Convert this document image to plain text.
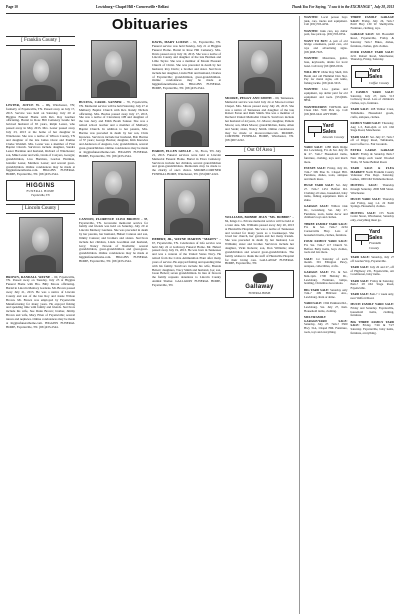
Page 10	Lewisburg • Chapel Hill • Cornersville • Belfast	Thank You For Saying, "I saw it in the EXCHANGE", July 28, 2013
Obituaries
[ Franklin County ]
LESTER, JOYCE W. – 83, Winchester, TN; formerly of Fayetteville, TN. Passed away on July 17, 2013. Service was held on Saturday, July 20 at Higgins Funeral Home with Rev. Ray Gardner officiating. Burial in Rose Hill Cemetery beside her beloved husband of 65 years, Ralph Lester, who passed away in May 2013. Mrs. Lester passed away July 23, 2013 at the home of her daughter in Winchester. She was a native of Wilson County, TN and daughter of the late James Oscar and Pauline Clarke Waddell. Mrs. Lester was a member of First Baptist Church. Survivors include daughter, Sandra Lester Hartman and husband, Richard of Winchester; son, Mike Lester and wife, Linda of Conyers, Georgia; grandchildren, Lisa Hartman, Gordon Hartman, Jennifer Lester, Matthew Lester; and several great-grandchildren. Online condolences may be made at higginsfuneralhome.com. HIGGINS FUNERAL HOME, Fayetteville, TN. (931)433-2544.
HIGGINS
FUNERAL HOME
Fayetteville, TN
[ Lincoln County ]
BROWN, RANDALL WAYNE – 60, Fayetteville, TN. Passed away on Tuesday, July 23 at Higgins Funeral Home with Bro. Billy Moore officiating. Burial in Lincoln Memory Gardens. Mr. Brown passed away July 21, 2013. He was a native of Lincoln County and son of the late Roy and Jessie Wilson Brown. Mr. Brown was employed by Fayetteville Manufacturing for many years. He enjoyed fishing and spending time with family and friends. Survivors include his wife, Sue Dunn Brown; brother, Jimmy Brown and wife, Mary Ellen of Fayetteville; several nieces and nephews. Online condolences may be made at higginsfuneralhome.com. HIGGINS FUNERAL HOME, Fayetteville, TN. (931)433-2544.
BUCINA, CAROL SANNER – 76, Fayetteville, TN. Memorial service will be held Saturday, July 27 at Mulberry Baptist Church with Rev. Randy Nichols officiating. Mrs. Bucina passed away July 17, 2013. She was a native of Cleveland, OH and daughter of the late Jerry and Edith Booth Sanner. She was a retired school teacher and a member of Mulberry Baptist Church. In addition to her parents, Mrs. Bucina was preceded in death by her son, Chris Knowles. Survivors include her husband, Bob Bucina of 37 years; George Bucina; daughter, Kim Knowles and Anderson of Augusta, GA; grandchildren, several great-grandchildren. Online condolences may be made at higginsfuneralhome.com. HIGGINS FUNERAL HOME, Fayetteville, TN. (931)433-2544.
CANNON, FLORENCE CLEO BROWN – 88, Fayetteville, TN. Graveside memorial service for family and friends was held on Saturday, July 20 at Lincoln Memory Gardens. She was preceded in death by her parents, her husband, Hubert Cannon and son, Jimmy Cannon; and brothers and sisters. Survivors include her children, Linda Goodman and husband, Jerry; Nancy Nowak of Nashville; several grandchildren, great-grandchildren and great-great-grandchildren. Online condolences may be made at higginsfuneralhome.com. HIGGINS FUNERAL HOME, Fayetteville, TN. (931)433-2544.
DAVIS, MARY LOUISE – 91, Fayetteville, TN. Funeral service was held Sunday, July 21 at Higgins Funeral Home. Burial in Rose Hill Cemetery. Mrs. Davis passed away July 19, 2013. She was a native of Lincoln County and daughter of the late Herman and Lillie Taylor. She was a member of Mount Pleasant Church of Christ. She was preceded in death by her husband, Roy Davis; a brother and sister. Survivors include her daughter, Linda Holt and husband, Charles of Fayetteville; grandchildren, great-grandchildren. Online condolences may be made at higginsfuneralhome.com. HIGGINS FUNERAL HOME, Fayetteville, TN. (931)433-2544.
HARDY, ELLEN GIELLE – 91, Elora, TN. July 21, 2013. Funeral services were held at Lincoln Memorial Funeral Home. Burial in Elora Cemetery. Survivors include her children, several grandchildren and great-grandchildren. Memorials may be made to the charity of one's choice. MOORE-CORTNER FUNERAL HOME, Winchester, TN. (931)967-2222.
HEBERT, JR., WAYNE MARTIN "MARTY" – 67, Fayetteville, TN. Celebration of Life service was held July 22 at Gallaway Funeral Home. Mr. Hebert passed away July 19, 2013. He was born in Tennessee and was a veteran of the United States Navy. He retired from the Cobra Ammunition Plant after many years of service. He enjoyed fishing and spending time with his family. Survivors include his wife, Brenda Hebert; daughters, Tracy Smith and husband, Joe; son, Jason Hebert; seven grandchildren. In lieu of flowers the family requests donations to Lincoln County Animal Shelter. GALLAWAY FUNERAL HOME, Fayetteville, TN.
MOORE, PEGGY ANN SMITH – 69, Tennessee. Memorial service was held July 24 at Moore-Cortner Chapel. Mrs. Moore passed away July 20, 2013. She was a native of Tennessee and daughter of the late Robert Eaton and Ruth Smith. She was a member of Decherd United Methodist Church. Survivors include her husband of 44 years, J.C. Moore; daughter, Pamela Moore; son, Mark Moore; grandchildren, Katie, Allen and Sarah; sister, Nancy Smith. Online condolences may be made at moorecortner.com. MOORE-CORTNER FUNERAL HOME, Winchester, TN. (931)967-2222.
[ Out Of Area ]
WILLIAMS, BOBBIE JEAN "MS. BOBBIE" – 84, Kings Co. Private memorial service will be held at a later date. Ms. Williams passed away July 20, 2013 at Huntsville Hospital. She was a native of Tennessee and worked for many years as a bookkeeper. She loved her church, her garden and her many friends. She was preceded in death by her husband, Lee Williams; sister and brother. Survivors include her daughter, Vicki Roberts; son, Don Williams; nine grandchildren and several great-grandchildren. The family wishes to thank the staff of Huntsville Hospital for their loving care. GALLAWAY FUNERAL HOME, Fayetteville, TN.
Gallaway
FUNERAL HOME

WANTED: Local person buys junk, cars, trucks and equipment. Call (931)703-4256.

WANTED: Junk cars, top dollar paid, free pick up. (931)703-9354.

WANT TO BUY: A pair of old bridge ornaments, pedal cars, old toys and advertising signs. (931)698-7025.

WANTED: Musicians, guitar, bass, keyboards, drums for local band. Call Jerry (931)993-0016.

WILL BUY: Older Ray Shell, Jim Beam and old Hummel Dan Slot. Pay for metal signs, old knife, fishing tackle. (931)242-5013.

WANTED: I-Go games and equipment, top dollar paid for old equipment and tools. (931)946-8834.

WANTED/FREE: TOPSOIL and Clean Dirt. Will Pick up. Call (931)993-6441 ANYTIME.

Yard Sales
Lincoln County

YARD SALE: 1288 Ruth Ridge Rd. Lewisburg, Fri. & Sat. July 26 & 27. 7am-? Household items, furniture, clothing, toys and much more.

ESTATE SALE: Friday, July 26, 7am-? 309 Pine St. Chapel Hill. Furniture, dishes, tools, antiques and much more.

HUGE YARD SALE: Sat. July 27. 7am-? 1451 Belfast Rd. Clothing all sizes, household, baby items, fishing equipment. Rain or shine.

GARAGE SALE: Willow Oak Dr., Lewisburg. Sat. July 27. Furniture, tools, home decor and children's toys and clothes.

THREE FAMILY YARD SALE: Fri. & Sat. 7am-? 2234 Cornersville Hwy. Lots of household items, clothes, furniture.

FOUR FAMILY YARD SALE: Fri. Sat. 7am-? 117 Church St. Belfast. Baby items, boys clothes, tools and lots more.

SALE: 1st Saturday of each month. 301 Ellington Pkwy, antiques, collectibles, crafts.

GARAGE SALE: Fri. & Sat. 8am-1pm. 1700 Holiday Dr., Lewisburg. Furniture, lamps, bedding, Christmas decorations.

BIG YARD SALE: Saturday only 7am-? 209 Hillcrest Ave., Lewisburg. Rain or shine.

YARD SALE: 1566 Parkhurst Rd., Lewisburg. Sat. July 27, 6am. Household items, clothing.

MULTIFAMILY GARAGE/YARD SALE: Saturday, July 27. 7am-? 3300 Hwy 31A, Chapel Hill. Furniture, tools, toys and everything.

THREE FAMILY GARAGE SALE: Friday, July 26, 7am-? 8410 Hwy 130 W. Shelbyville. Furniture, clothing, toys.

GARAGE SALE: 621 Boonshill Road, Fayetteville, Friday & Saturday 7am-? Bikes, dishes, furniture, clothes, girls clothes.

FOUR FAMILY YARD SALE: 2211 Robert Road, Manchester, Thursday, Friday, Saturday.

Yard Sales
Coffee County

3 FAMILY YARD SALE: Saturday, July 27, 6am. 513 Colloway Road. Lots of children's clothes, toys, furniture.

YARD SALE: 208 Timber Crest, Tullahoma. Household goods, crafts, antiques, clothes.

FAMILY YARD SALE: Thursday, Aug 1-3, 8am-2pm at 121 Old Stage Road, Manchester.

YARD SALE: Sat. July 27, 7am-? off of Rippy Road, Tullahoma, near Coffee Co. Fair Grounds.

EXTRA LARGE GARAGE SALE: Friday & Saturday 8am-? New things each week! Wooded Trails, 33 Sante Behind Road.

YARD SALE & FLEA MARKET: North Franklin County Volunteer Fire Dept. Saturday, Games, 1000 Old Tullahoma Road.

MOVING SALE: Thursday through Saturday. 2000 Mill Street. Winchester.

MULTI YARD SALE: Thursday and Friday, Aug 1-2. 22 Estill Springs. Household, clothes.

MOVING SALE: 155 North Cedar Street, Winchester, Saturday only, everything must go.

Yard Sales
Franklin County

YARD SALE: Saturday, July 27 off Garden Way, Fayetteville.

YARD SALE: July 26 and 27, off of Highway 231, Fayetteville, Air Conditioner, baby items.

YARD SALE: Friday & Saturday, 8am-? 28 Old Stage Road, Fayetteville.

YARD SALE: 8am-? 1 week only, near Welford Road.

MULTI FAMILY YARD SALE: Friday and Saturday. Fayetteville, household items, clothing, furniture.

BIG THREE FAMILY YARD SALE: Friday, 7/26 & 7/27 Saturday. Fayetteville, baby items, furniture, everything.
